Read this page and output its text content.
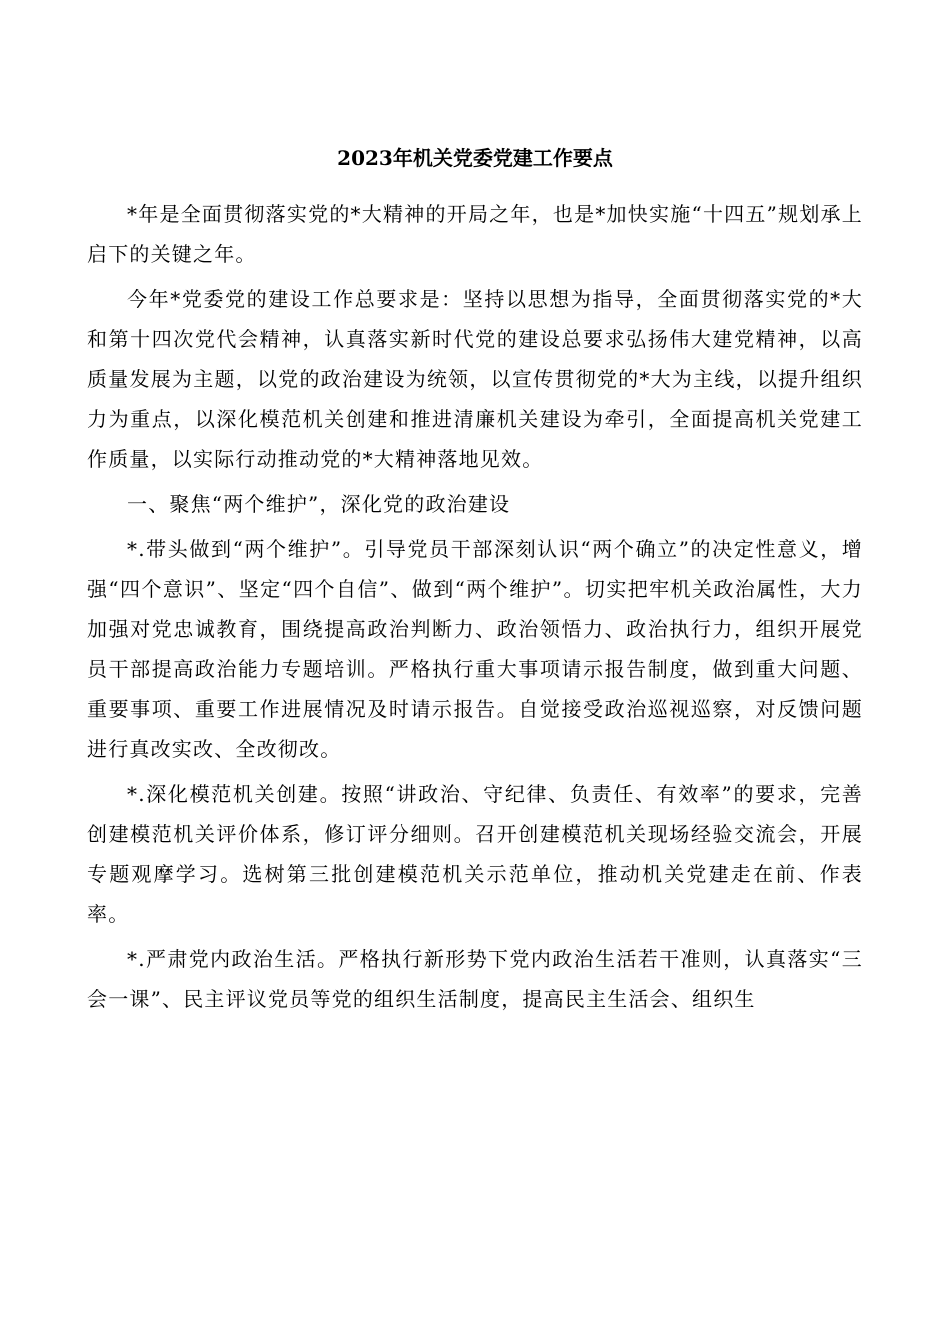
2023年机关党委党建工作要点

*年是全面贯彻落实党的*大精神的开局之年，也是*加快实施“十四五”规划承上启下的关键之年。

今年*党委党的建设工作总要求是：坚持以思想为指导，全面贯彻落实党的*大和第十四次党代会精神，认真落实新时代党的建设总要求弘扬伟大建党精神，以高质量发展为主题，以党的政治建设为统领，以宣传贯彻党的*大为主线，以提升组织力为重点，以深化模范机关创建和推进清廉机关建设为牵引，全面提高机关党建工作质量，以实际行动推动党的*大精神落地见效。

一、聚焦“两个维护”，深化党的政治建设

*.带头做到“两个维护”。引导党员干部深刻认识“两个确立”的决定性意义，增强“四个意识”、坚定“四个自信”、做到“两个维护”。切实把牢机关政治属性，大力加强对党忠诚教育，围绕提高政治判断力、政治领悟力、政治执行力，组织开展党员干部提高政治能力专题培训。严格执行重大事项请示报告制度，做到重大问题、重要事项、重要工作进展情况及时请示报告。自觉接受政治巡视巡察，对反馈问题进行真改实改、全改彻改。

*.深化模范机关创建。按照“讲政治、守纪律、负责任、有效率”的要求，完善创建模范机关评价体系，修订评分细则。召开创建模范机关现场经验交流会，开展专题观摩学习。选树第三批创建模范机关示范单位，推动机关党建走在前、作表率。

*.严肃党内政治生活。严格执行新形势下党内政治生活若干准则，认真落实“三会一课”、民主评议党员等党的组织生活制度，提高民主生活会、组织生
